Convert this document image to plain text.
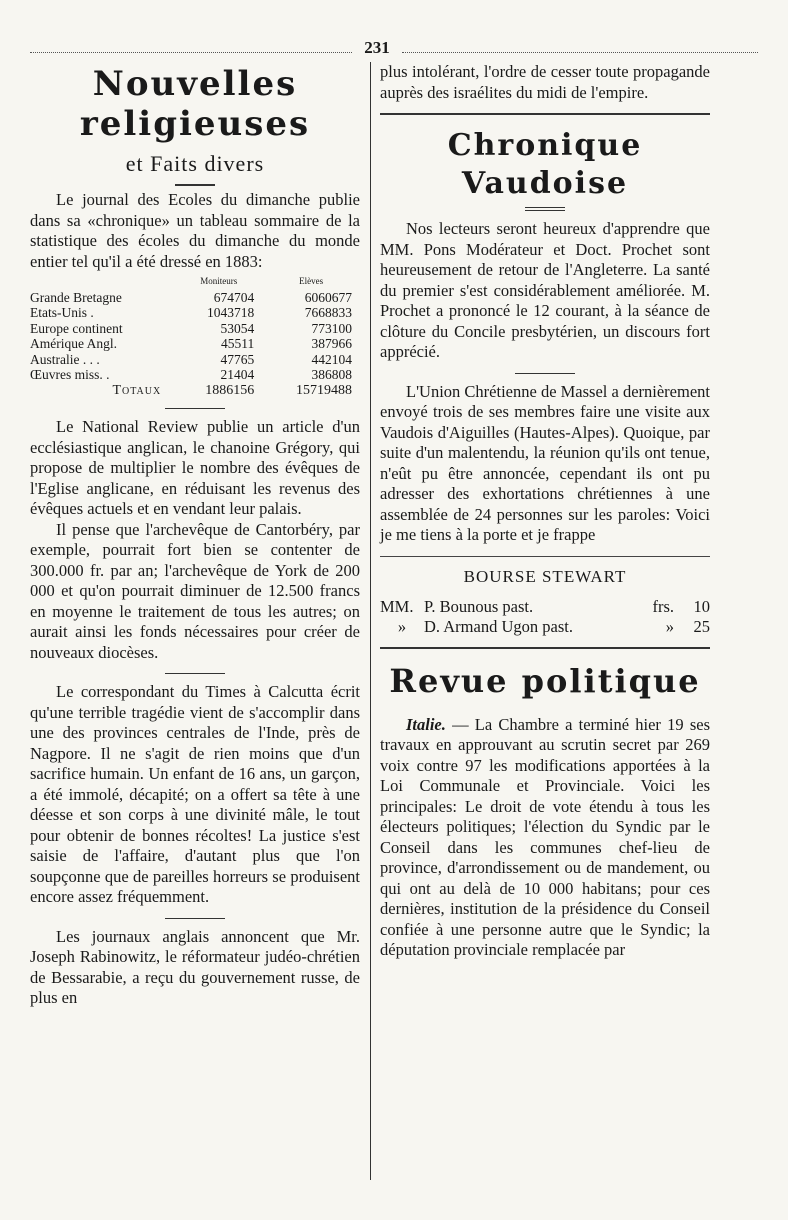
231
Nouvelles religieuses
et Faits divers

Le journal des Ecoles du dimanche publie dans sa «chronique» un tableau sommaire de la statistique des écoles du dimanche du monde entier tel qu'il a été dressé en 1883:

	Moniteurs	Elèves
Grande Bretagne	674704	6060677
Etats-Unis .	1043718	7668833
Europe continent	53054	773100
Amérique Angl.	45511	387966
Australie . . .	47765	442104
Œuvres miss. .	21404	386808
Totaux	1886156	15719488

Le National Review publie un article d'un ecclésiastique anglican, le chanoine Grégory, qui propose de multiplier le nombre des évêques de l'Eglise anglicane, en réduisant les revenus des évêques actuels et en vendant leur palais.

Il pense que l'archevêque de Cantorbéry, par exemple, pourrait fort bien se contenter de 300.000 fr. par an; l'archevêque de York de 200 000 et qu'on pourrait diminuer de 12.500 francs en moyenne le traitement de tous les autres; on aurait ainsi les fonds nécessaires pour créer de nouveaux diocèses.

Le correspondant du Times à Calcutta écrit qu'une terrible tragédie vient de s'accomplir dans une des provinces centrales de l'Inde, près de Nagpore. Il ne s'agit de rien moins que d'un sacrifice humain. Un enfant de 16 ans, un garçon, a été immolé, décapité; on a offert sa tête à une déesse et son corps à une divinité mâle, le tout pour obtenir de bonnes récoltes! La justice s'est saisie de l'affaire, d'autant plus que l'on soupçonne que de pareilles horreurs se produisent encore assez fréquemment.

Les journaux anglais annoncent que Mr. Joseph Rabinowitz, le réformateur judéo-chrétien de Bessarabie, a reçu du gouvernement russe, de plus en

plus intolérant, l'ordre de cesser toute propagande auprès des israélites du midi de l'empire.

Chronique Vaudoise

Nos lecteurs seront heureux d'apprendre que MM. Pons Modérateur et Doct. Prochet sont heureusement de retour de l'Angleterre. La santé du premier s'est considérablement améliorée. M. Prochet a prononcé le 12 courant, à la séance de clôture du Concile presbytérien, un discours fort apprécié.

L'Union Chrétienne de Massel a dernièrement envoyé trois de ses membres faire une visite aux Vaudois d'Aiguilles (Hautes-Alpes). Quoique, par suite d'un malentendu, la réunion qu'ils ont tenue, n'eût pu être annoncée, cependant ils ont pu adresser des exhortations chrétiennes à une assemblée de 24 personnes sur les paroles: Voici je me tiens à la porte et je frappe

BOURSE STEWART
MM. P. Bounous past.	frs.	10
»	D. Armand Ugon past.	»	25
Revue politique

Italie. — La Chambre a terminé hier 19 ses travaux en approuvant au scrutin secret par 269 voix contre 97 les modifications apportées à la Loi Communale et Provinciale. Voici les principales: Le droit de vote étendu à tous les électeurs politiques; l'élection du Syndic par le Conseil dans les communes chef-lieu de province, d'arrondissement ou de mandement, ou qui ont au delà de 10 000 habitans; pour ces dernières, institution de la présidence du Conseil confiée à une personne autre que le Syndic; la députation provinciale remplacée par
